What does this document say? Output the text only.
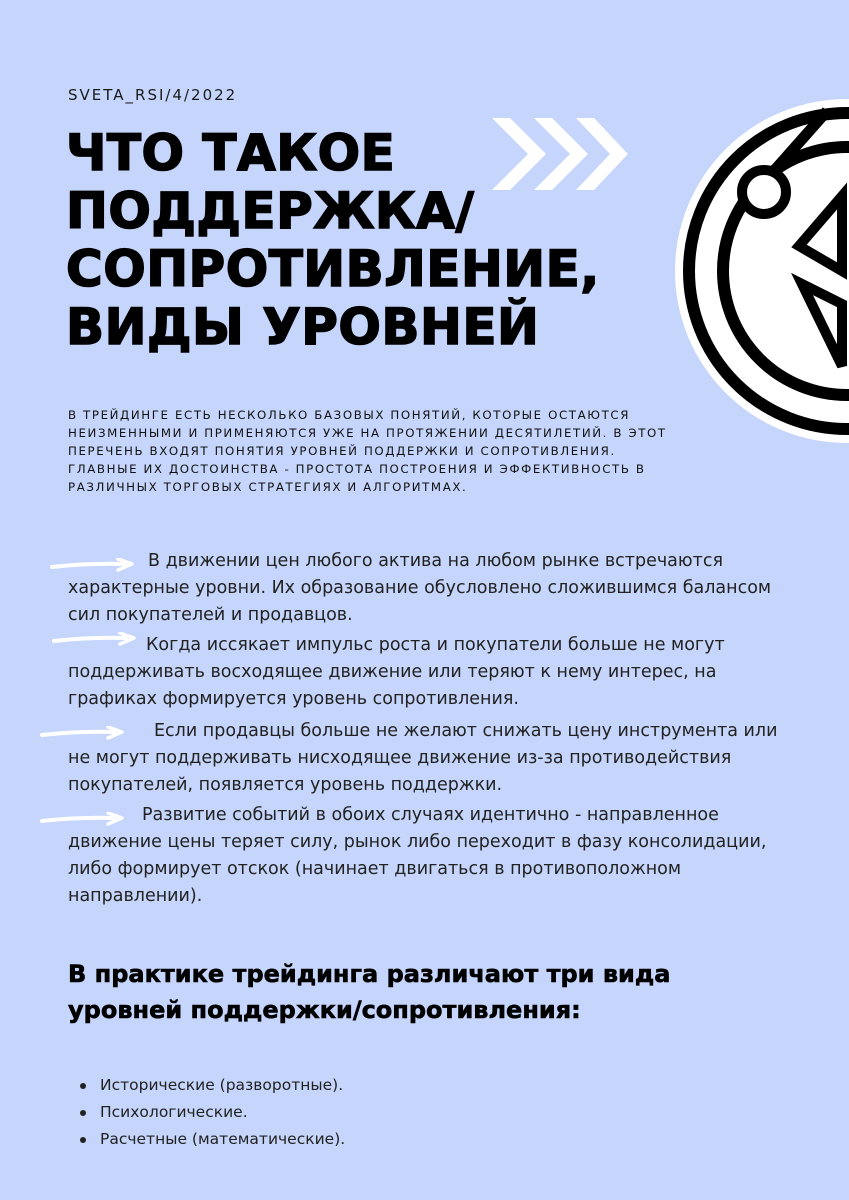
SVETA_RSI/4/2022
ЧТО ТАКОЕ
ПОДДЕРЖКА/
СОПРОТИВЛЕНИЕ,
ВИДЫ УРОВНЕЙ

В ТРЕЙДИНГЕ ЕСТЬ НЕСКОЛЬКО БАЗОВЫХ ПОНЯТИЙ, КОТОРЫЕ ОСТАЮТСЯ НЕИЗМЕННЫМИ И ПРИМЕНЯЮТСЯ УЖЕ НА ПРОТЯЖЕНИИ ДЕСЯТИЛЕТИЙ. В ЭТОТ ПЕРЕЧЕНЬ ВХОДЯТ ПОНЯТИЯ УРОВНЕЙ ПОДДЕРЖКИ И СОПРОТИВЛЕНИЯ. ГЛАВНЫЕ ИХ ДОСТОИНСТВА - ПРОСТОТА ПОСТРОЕНИЯ И ЭФФЕКТИВНОСТЬ В РАЗЛИЧНЫХ ТОРГОВЫХ СТРАТЕГИЯХ И АЛГОРИТМАХ.

В движении цен любого актива на любом рынке встречаются характерные уровни. Их образование обусловлено сложившимся балансом сил покупателей и продавцов.

Когда иссякает импульс роста и покупатели больше не могут поддерживать восходящее движение или теряют к нему интерес, на графиках формируется уровень сопротивления.

Если продавцы больше не желают снижать цену инструмента или не могут поддерживать нисходящее движение из-за противодействия покупателей, появляется уровень поддержки.

Развитие событий в обоих случаях идентично - направленное движение цены теряет силу, рынок либо переходит в фазу консолидации, либо формирует отскок (начинает двигаться в противоположном направлении).

В практике трейдинга различают три вида уровней поддержки/сопротивления:
Исторические (разворотные).
Психологические.
Расчетные (математические).
